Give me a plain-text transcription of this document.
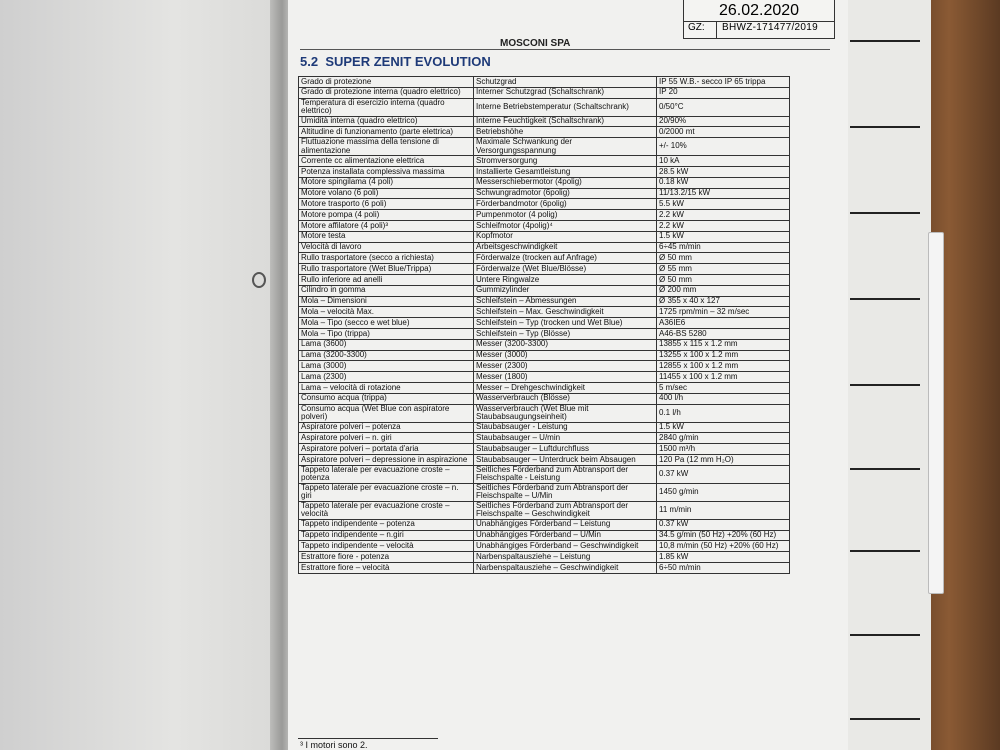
26.02.2020
GZ: BHWZ-171477/2019
MOSCONI SPA
5.2 SUPER ZENIT EVOLUTION
Grado di protezione	Schutzgrad	IP 55 W.B.- secco IP 65 trippa
Grado di protezione interna (quadro elettrico)	Interner Schutzgrad (Schaltschrank)	IP 20
Temperatura di esercizio interna (quadro elettrico)	Interne Betriebstemperatur (Schaltschrank)	0/50°C
Umidità interna (quadro elettrico)	Interne Feuchtigkeit (Schaltschrank)	20/90%
Altitudine di funzionamento (parte elettrica)	Betriebshöhe	0/2000 mt
Fluttuazione massima della tensione di alimentazione	Maximale Schwankung der Versorgungsspannung	+/- 10%
Corrente cc alimentazione elettrica	Stromversorgung	10 kA
Potenza installata complessiva massima	Installierte Gesamtleistung	28.5 kW
Motore spingilama (4 poli)	Messerschiebermotor (4polig)	0.18 kW
Motore volano (6 poli)	Schwungradmotor (6polig)	11/13.2/15 kW
Motore trasporto (6 poli)	Förderbandmotor (6polig)	5.5 kW
Motore pompa (4 poli)	Pumpenmotor (4 polig)	2.2 kW
Motore affilatore (4 poli)³	Schleifmotor (4polig)⁴	2.2 kW
Motore testa	Kopfmotor	1.5 kW
Velocità di lavoro	Arbeitsgeschwindigkeit	6÷45 m/min
Rullo trasportatore (secco a richiesta)	Förderwalze (trocken auf Anfrage)	Ø 50 mm
Rullo trasportatore (Wet Blue/Trippa)	Förderwalze (Wet Blue/Blösse)	Ø 55 mm
Rullo inferiore ad anelli	Untere Ringwalze	Ø 50 mm
Cilindro in gomma	Gummizylinder	Ø 200 mm
Mola – Dimensioni	Schleifstein – Abmessungen	Ø 355 x 40 x 127
Mola – velocità Max.	Schleifstein – Max. Geschwindigkeit	1725 rpm/min – 32 m/sec
Mola – Tipo (secco e wet blue)	Schleifstein – Typ (trocken und Wet Blue)	A36IE6
Mola – Tipo (trippa)	Schleifstein – Typ (Blösse)	A46-BS 5280
Lama (3600)	Messer (3200-3300)	13855 x 115 x 1.2 mm
Lama (3200-3300)	Messer (3000)	13255 x 100 x 1.2 mm
Lama (3000)	Messer (2300)	12855 x 100 x 1.2 mm
Lama (2300)	Messer (1800)	11455 x 100 x 1.2 mm
Lama – velocità di rotazione	Messer – Drehgeschwindigkeit	5 m/sec
Consumo acqua (trippa)	Wasserverbrauch (Blösse)	400 l/h
Consumo acqua (Wet Blue con aspiratore polveri)	Wasserverbrauch (Wet Blue mit Staubabsaugungseinheit)	0.1 l/h
Aspiratore polveri – potenza	Staubabsauger - Leistung	1.5 kW
Aspiratore polveri – n. giri	Staubabsauger – U/min	2840 g/min
Aspiratore polveri – portata d'aria	Staubabsauger – Luftdurchfluss	1500 m³/h
Aspiratore polveri – depressione in aspirazione	Staubabsauger – Unterdruck beim Absaugen	120 Pa (12 mm H₂O)
Tappeto laterale per evacuazione croste – potenza	Seitliches Förderband zum Abtransport der Fleischspalte - Leistung	0.37 kW
Tappeto laterale per evacuazione croste – n. giri	Seitliches Förderband zum Abtransport der Fleischspalte – U/Min	1450 g/min
Tappeto laterale per evacuazione croste – velocità	Seitliches Förderband zum Abtransport der Fleischspalte – Geschwindigkeit	11 m/min
Tappeto indipendente – potenza	Unabhängiges Förderband – Leistung	0.37 kW
Tappeto indipendente – n.giri	Unabhängiges Förderband – U/Min	34.5 g/min (50 Hz) +20% (60 Hz)
Tappeto indipendente – velocità	Unabhängiges Förderband – Geschwindigkeit	10,8 m/min (50 Hz) +20% (60 Hz)
Estrattore fiore - potenza	Narbenspaltausziehe – Leistung	1.85 kW
Estrattore fiore – velocità	Narbenspaltausziehe – Geschwindigkeit	6÷50 m/min
³ I motori sono 2.
